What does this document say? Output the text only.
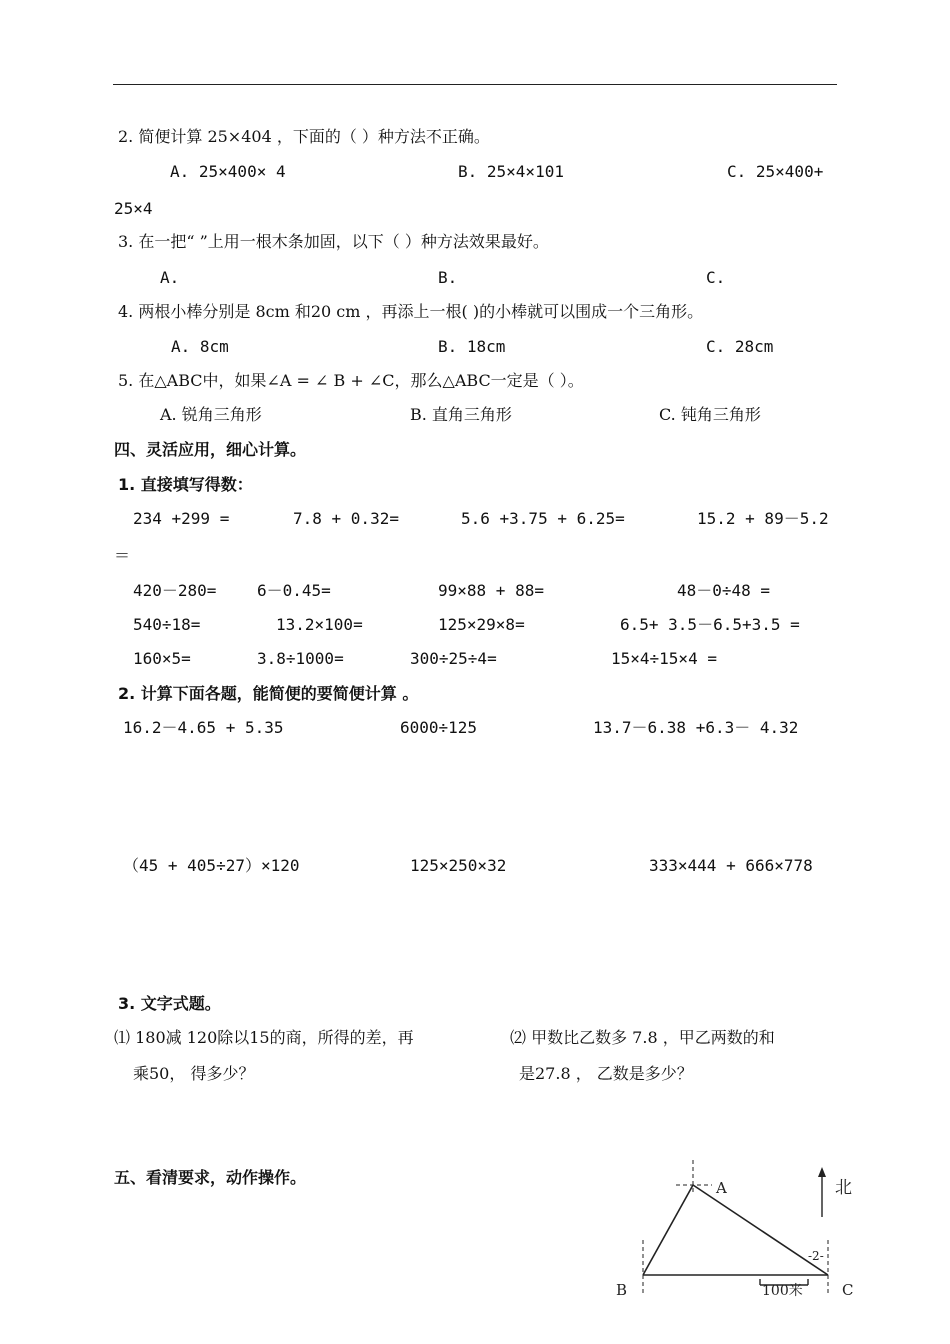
2. 简便计算 25×404 ，下面的（ ）种方法不正确。
A. 25×400× 4	B. 25×4×101	C. 25×400+
25×4
3. 在一把“ ”上用一根木条加固，以下（ ）种方法效果最好。
A.	B.	C.
4. 两根小棒分别是 8cm 和20 cm ，再添上一根( )的小棒就可以围成一个三角形。
A. 8cm	B. 18cm	C. 28cm
5. 在△ABC中，如果∠A = ∠ B + ∠C，那么△ABC一定是（ ）。
A. 锐角三角形	B. 直角三角形	C. 钝角三角形
四、灵活应用，细心计算。
1. 直接填写得数：
234 +299 =	7.8 + 0.32=	5.6 +3.75 + 6.25=	15.2 + 89－5.2
＝
420－280=	6－0.45=	99×88 + 88=	48－0÷48 =
540÷18=	13.2×100=	125×29×8=	6.5+ 3.5－6.5+3.5 =
160×5=	3.8÷1000=	300÷25÷4=	15×4÷15×4 =
2. 计算下面各题，能简便的要简便计算 。
16.2－4.65 + 5.35	6000÷125	13.7－6.38 +6.3－ 4.32
（45 + 405÷27）×120	125×250×32	333×444 + 666×778
3. 文字式题。
⑴ 180减 120除以15的商，所得的差，再
乘50， 得多少？
⑵ 甲数比乙数多 7.8 ，甲乙两数的和
是27.8 ， 乙数是多少？
五、看清要求，动作操作。
A
B	C
北
100米
-2-
